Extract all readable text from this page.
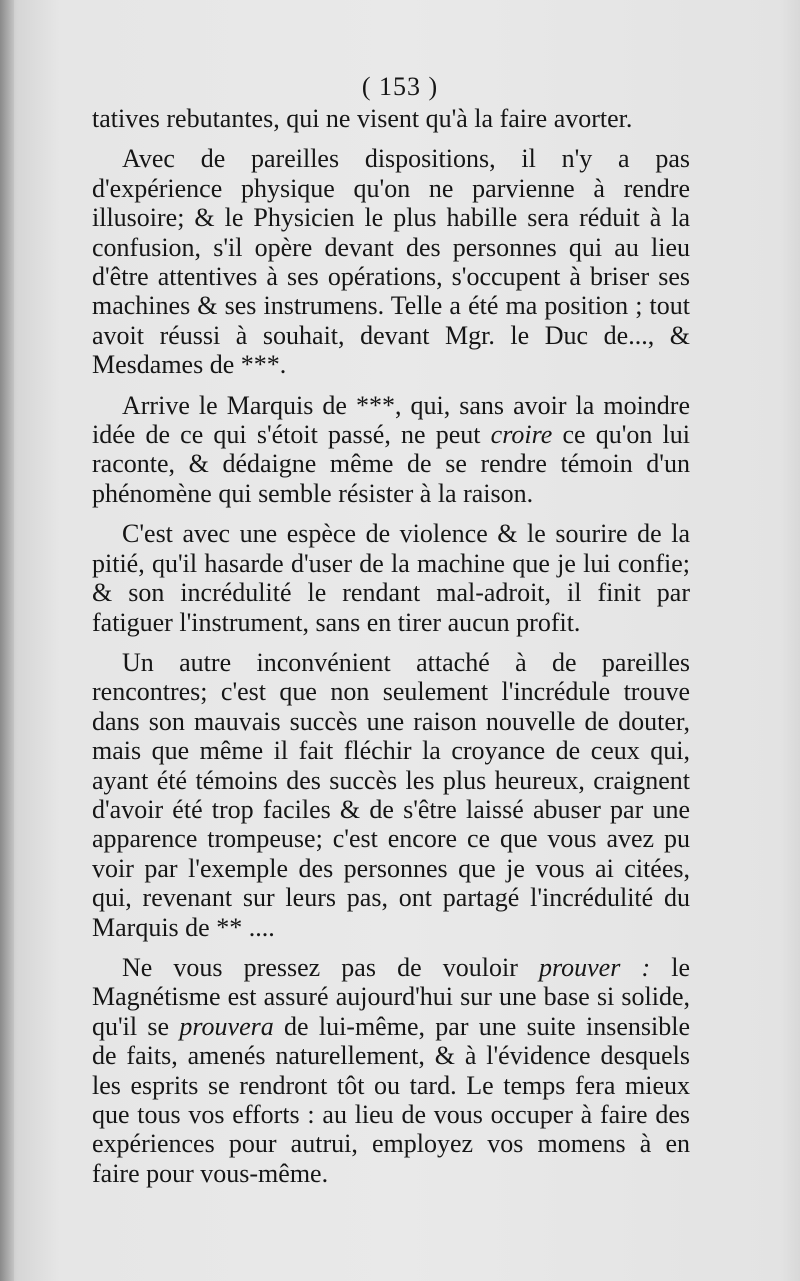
( 153 )

tatives rebutantes, qui ne visent qu'à la faire avorter.

Avec de pareilles dispositions, il n'y a pas d'expérience physique qu'on ne parvienne à rendre illusoire; & le Physicien le plus habille sera réduit à la confusion, s'il opère devant des personnes qui au lieu d'être attentives à ses opérations, s'occupent à briser ses machines & ses instrumens. Telle a été ma position ; tout avoit réussi à souhait, devant Mgr. le Duc de..., & Mesdames de ***.

Arrive le Marquis de ***, qui, sans avoir la moindre idée de ce qui s'étoit passé, ne peut croire ce qu'on lui raconte, & dédaigne même de se rendre témoin d'un phénomène qui semble résister à la raison.

C'est avec une espèce de violence & le sourire de la pitié, qu'il hasarde d'user de la machine que je lui confie; & son incrédulité le rendant mal-adroit, il finit par fatiguer l'instrument, sans en tirer aucun profit.

Un autre inconvénient attaché à de pareilles rencontres; c'est que non seulement l'incrédule trouve dans son mauvais succès une raison nouvelle de douter, mais que même il fait fléchir la croyance de ceux qui, ayant été témoins des succès les plus heureux, craignent d'avoir été trop faciles & de s'être laissé abuser par une apparence trompeuse; c'est encore ce que vous avez pu voir par l'exemple des personnes que je vous ai citées, qui, revenant sur leurs pas, ont partagé l'incrédulité du Marquis de ** ....

Ne vous pressez pas de vouloir prouver : le Magnétisme est assuré aujourd'hui sur une base si solide, qu'il se prouvera de lui-même, par une suite insensible de faits, amenés naturellement, & à l'évidence desquels les esprits se rendront tôt ou tard. Le temps fera mieux que tous vos efforts : au lieu de vous occuper à faire des expériences pour autrui, employez vos momens à en faire pour vous-même.
